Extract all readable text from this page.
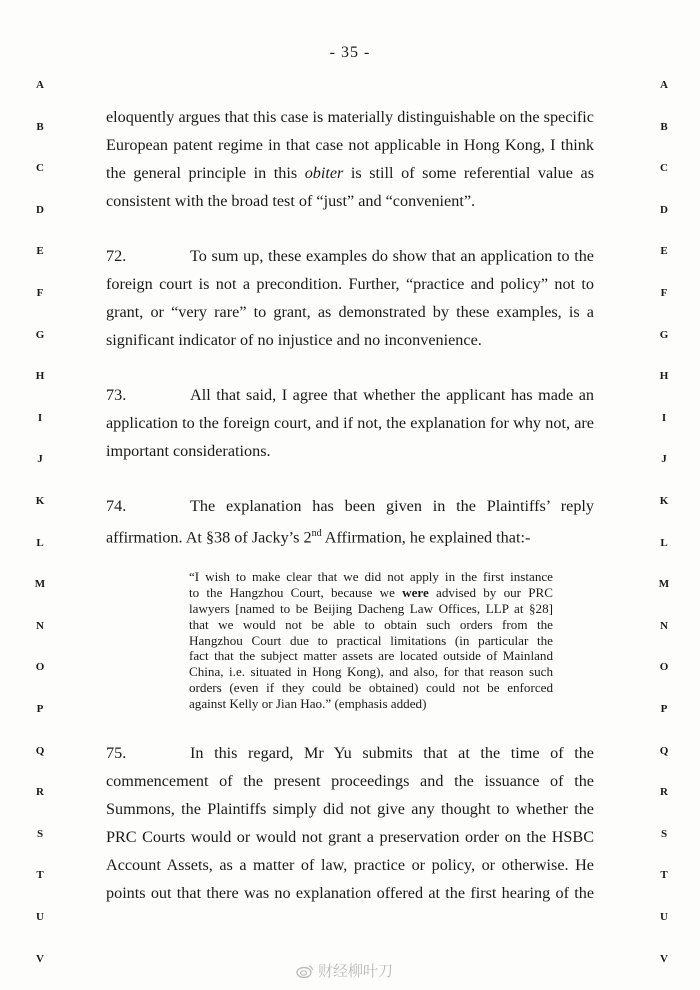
- 35 -
A
B
C
D
E
F
G
H
I
J
K
L
M
N
O
P
Q
R
S
T
U
V
A
B
C
D
E
F
G
H
I
J
K
L
M
N
O
P
Q
R
S
T
U
V
eloquently argues that this case is materially distinguishable on the specific
European patent regime in that case not applicable in Hong Kong, I think
the general principle in this obiter is still of some referential value as
consistent with the broad test of “just” and “convenient”.
72.	To sum up, these examples do show that an application to the
foreign court is not a precondition. Further, “practice and policy” not to
grant, or “very rare” to grant, as demonstrated by these examples, is a
significant indicator of no injustice and no inconvenience.
73.	All that said, I agree that whether the applicant has made an
application to the foreign court, and if not, the explanation for why not, are
important considerations.
74.	The explanation has been given in the Plaintiffs’ reply
affirmation. At §38 of Jacky’s 2nd Affirmation, he explained that:-
“I wish to make clear that we did not apply in the first instance
to the Hangzhou Court, because we were advised by our PRC
lawyers [named to be Beijing Dacheng Law Offices, LLP at §28]
that we would not be able to obtain such orders from the
Hangzhou Court due to practical limitations (in particular the
fact that the subject matter assets are located outside of Mainland
China, i.e. situated in Hong Kong), and also, for that reason such
orders (even if they could be obtained) could not be enforced
against Kelly or Jian Hao.” (emphasis added)
75.	In this regard, Mr Yu submits that at the time of the
commencement of the present proceedings and the issuance of the
Summons, the Plaintiffs simply did not give any thought to whether the
PRC Courts would or would not grant a preservation order on the HSBC
Account Assets, as a matter of law, practice or policy, or otherwise. He
points out that there was no explanation offered at the first hearing of the
财经柳叶刀
